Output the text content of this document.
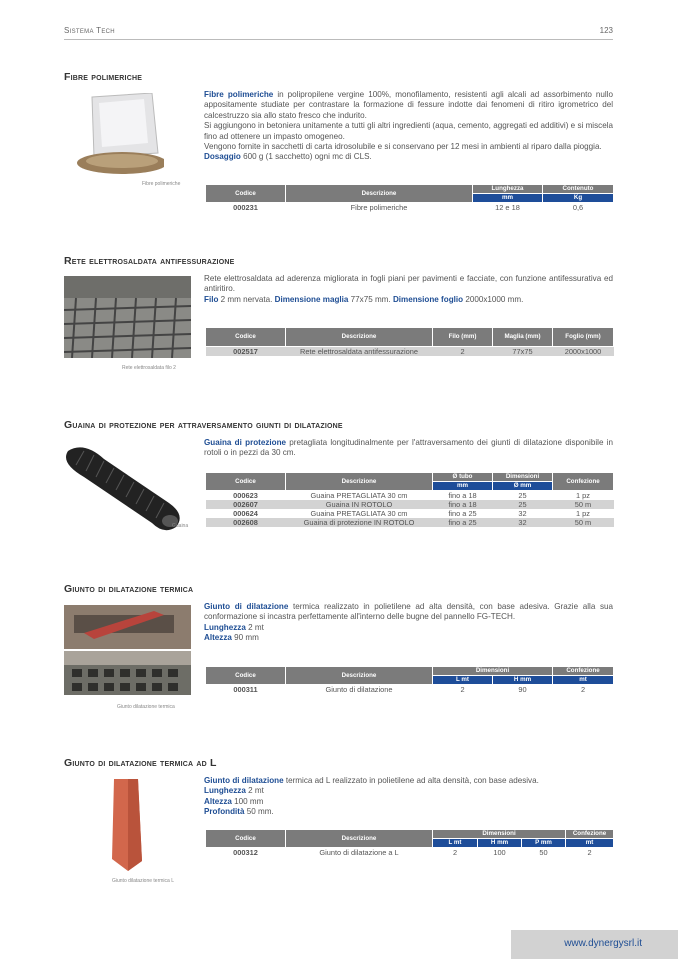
Sistema Tech	123
Fibre polimeriche
Fibre polimeriche

Fibre polimeriche in polipropilene vergine 100%, monofilamento, resistenti agli alcali ad assorbimento nullo appositamente studiate per contrastare la formazione di fessure indotte dai fenomeni di ritiro igrometrico del calcestruzzo sia allo stato fresco che indurito.

Si aggiungono in betoniera unitamente a tutti gli altri ingredienti (aqua, cemento, aggregati ed additivi) e si miscela fino ad ottenere un impasto omogeneo.

Vengono fornite in sacchetti di carta idrosolubile e si conservano per 12 mesi in ambienti al riparo dalla pioggia.

Dosaggio 600 g (1 sacchetto) ogni mc di CLS.

Codice	Descrizione	Lunghezza	Contenuto
		mm	Kg
000231	Fibre polimeriche	12 e 18	0,6
Rete elettrosaldata antifessurazione
Rete elettrosaldata filo 2

Rete elettrosaldata ad aderenza migliorata in fogli piani per pavimenti e facciate, con funzione antifessurativa ed antiritiro.

Filo 2 mm nervata. Dimensione maglia 77x75 mm. Dimensione foglio 2000x1000 mm.

Codice	Descrizione	Filo (mm)	Maglia (mm)	Foglio (mm)
002517	Rete elettrosaldata antifessurazione	2	77x75	2000x1000
Guaina di protezione per attraversamento giunti di dilatazione
Guaina

Guaina di protezione pretagliata longitudinalmente per l'attraversamento dei giunti di dilatazione disponibile in rotoli o in pezzi da 30 cm.

Codice	Descrizione	Ø tubo	Dimensioni	Confezione
		mm	Ø mm	
000623	Guaina PRETAGLIATA 30 cm	fino a 18	25	1 pz
002607	Guaina IN ROTOLO	fino a 18	25	50 m
000624	Guaina PRETAGLIATA 30 cm	fino a 25	32	1 pz
002608	Guaina di protezione IN ROTOLO	fino a 25	32	50 m
Giunto di dilatazione termica
Giunto dilatazione termica

Giunto di dilatazione termica realizzato in polietilene ad alta densità, con base adesiva. Grazie alla sua conformazione si incastra perfettamente all'interno delle bugne del pannello FG-TECH.

Lunghezza 2 mt

Altezza 90 mm

Codice	Descrizione	Dimensioni		Confezione
		L mt	H mm	mt
000311	Giunto di dilatazione	2	90	2
Giunto di dilatazione termica ad L
Giunto dilatazione termica L

Giunto di dilatazione termica ad L realizzato in polietilene ad alta densità, con base adesiva.

Lunghezza 2 mt

Altezza 100 mm

Profondità 50 mm.

Codice	Descrizione	Dimensioni			Confezione
		L mt	H mm	P mm	mt
000312	Giunto di dilatazione a L	2	100	50	2
www.dynergysrl.it
